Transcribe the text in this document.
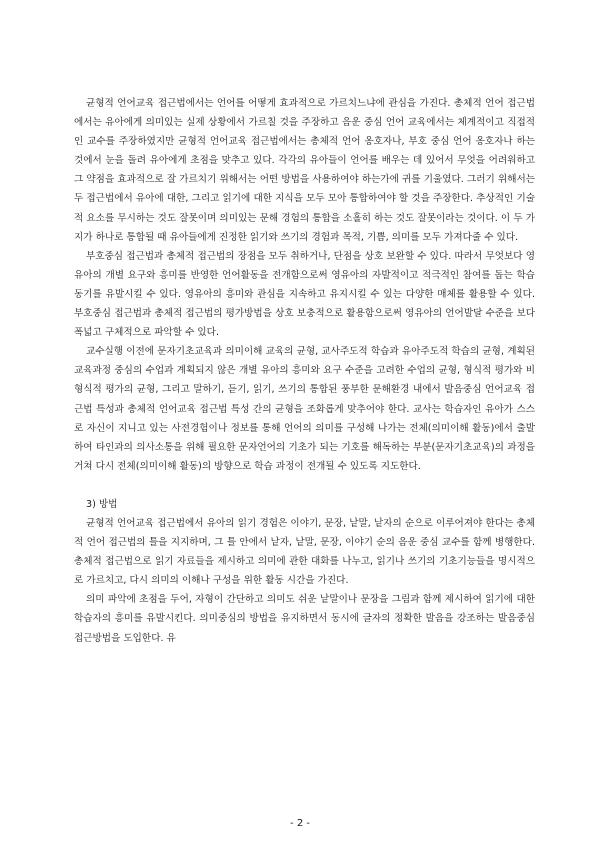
균형적 언어교육 접근법에서는 언어를 어떻게 효과적으로 가르치느냐에 관심을 가진다. 총체적 언어 접근법에서는 유아에게 의미있는 실제 상황에서 가르칠 것을 주장하고 음운 중심 언어 교육에서는 체계적이고 직접적인 교수를 주장하였지만 균형적 언어교육 접근법에서는 총체적 언어 옹호자나, 부호 중심 언어 옹호자나 하는 것에서 눈을 돌려 유아에게 초점을 맞추고 있다. 각각의 유아들이 언어를 배우는 데 있어서 무엇을 어려워하고 그 약점을 효과적으로 잘 가르치기 위해서는 어떤 방법을 사용하여야 하는가에 귀를 기울였다. 그러기 위해서는 두 접근법에서 유아에 대한, 그리고 읽기에 대한 지식을 모두 모아 통합하여야 할 것을 주장한다. 추상적인 기술적 요소를 무시하는 것도 잘못이며 의미있는 문해 경험의 통합을 소홀히 하는 것도 잘못이라는 것이다. 이 두 가지가 하나로 통합될 때 유아들에게 진정한 읽기와 쓰기의 경험과 목적, 기쁨, 의미를 모두 가져다줄 수 있다.

부호중심 접근법과 총체적 접근법의 장점을 모두 취하거나, 단점을 상호 보완할 수 있다. 따라서 무엇보다 영유아의 개별 요구와 흥미를 반영한 언어활동을 전개함으로써 영유아의 자발적이고 적극적인 참여를 돕는 학습 동기를 유발시킬 수 있다. 영유아의 흥미와 관심을 지속하고 유지시킬 수 있는 다양한 매체를 활용할 수 있다. 부호중심 접근법과 총체적 접근법의 평가방법을 상호 보충적으로 활용함으로써 영유아의 언어발달 수준을 보다 폭넓고 구체적으로 파악할 수 있다.

교수실행 이전에 문자기초교육과 의미이해 교육의 균형, 교사주도적 학습과 유아주도적 학습의 균형, 계획된 교육과정 중심의 수업과 계획되지 않은 개별 유아의 흥미와 요구 수준을 고려한 수업의 균형, 형식적 평가와 비형식적 평가의 균형, 그리고 말하기, 듣기, 읽기, 쓰기의 통합된 풍부한 문해환경 내에서 발음중심 언어교육 접근법 특성과 총체적 언어교육 접근법 특성 간의 균형을 조화롭게 맞추어야 한다. 교사는 학습자인 유아가 스스로 자신이 지니고 있는 사전경험이나 정보를 통해 언어의 의미를 구성해 나가는 전체(의미이해 활동)에서 출발하여 타인과의 의사소통을 위해 필요한 문자언어의 기초가 되는 기호를 해독하는 부분(문자기초교육)의 과정을 거쳐 다시 전체(의미이해 활동)의 방향으로 학습 과정이 전개될 수 있도록 지도한다.

3) 방법

균형적 언어교육 접근법에서 유아의 읽기 경험은 이야기, 문장, 낱말, 낱자의 순으로 이루어져야 한다는 총체적 언어 접근법의 틀을 지지하며, 그 틀 안에서 낱자, 낱말, 문장, 이야기 순의 음운 중심 교수를 함께 병행한다. 총체적 접근법으로 읽기 자료들을 제시하고 의미에 관한 대화를 나누고, 읽기나 쓰기의 기초기능들을 명시적으로 가르치고, 다시 의미의 이해나 구성을 위한 활동 시간을 가진다.

의미 파악에 초점을 두어, 자형이 간단하고 의미도 쉬운 낱말이나 문장을 그림과 함께 제시하여 읽기에 대한 학습자의 흥미를 유발시킨다. 의미중심의 방법을 유지하면서 동시에 글자의 정확한 발음을 강조하는 발음중심 접근방법을 도입한다. 유

- 2 -
